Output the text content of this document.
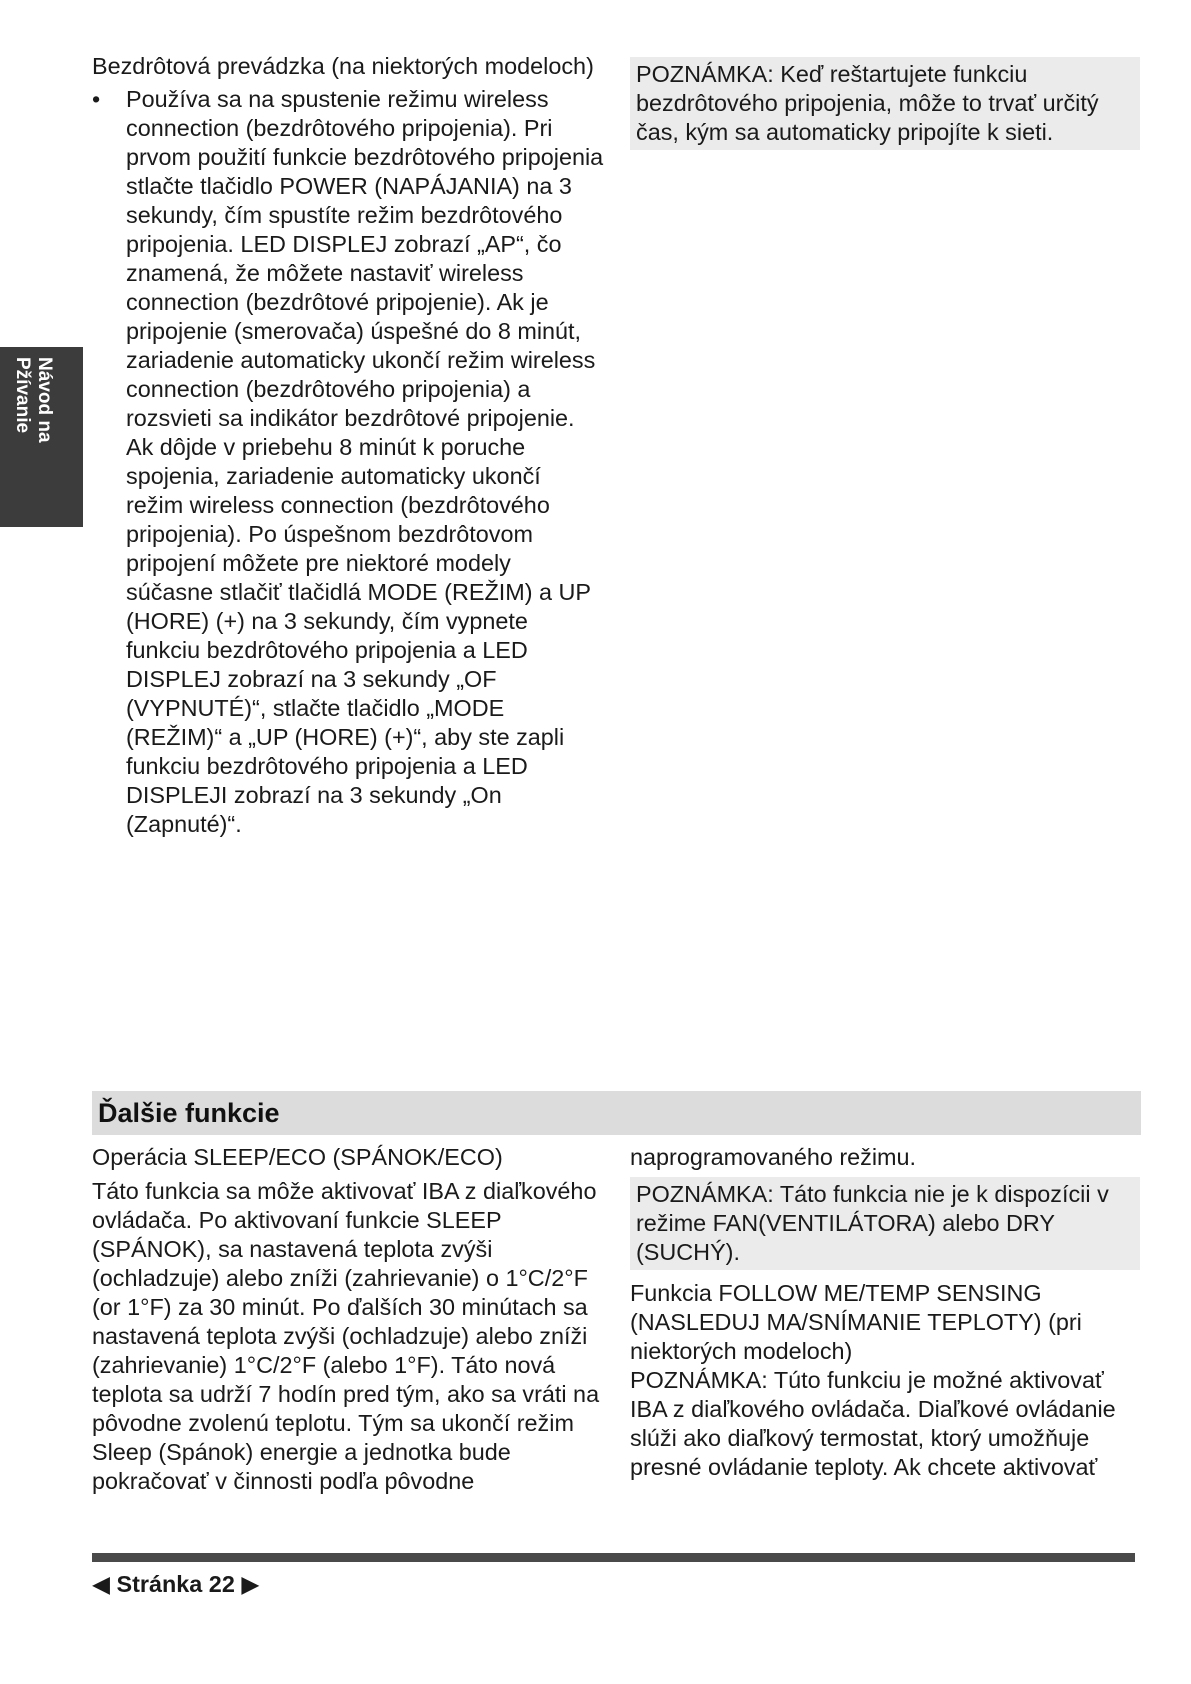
Návod na
Pžívanie

Bezdrôtová prevádzka (na niektorých modeloch)

• Používa sa na spustenie režimu wireless connection (bezdrôtového pripojenia). Pri prvom použití funkcie bezdrôtového pripojenia stlačte tlačidlo POWER (NAPÁJANIA) na 3 sekundy, čím spustíte režim bezdrôtového pripojenia. LED DISPLEJ zobrazí „AP“, čo znamená, že môžete nastaviť wireless connection (bezdrôtové pripojenie). Ak je pripojenie (smerovača) úspešné do 8 minút, zariadenie automaticky ukončí režim wireless connection (bezdrôtového pripojenia) a rozsvieti sa indikátor bezdrôtové pripojenie. Ak dôjde v priebehu 8 minút k poruche spojenia, zariadenie automaticky ukončí režim wireless connection (bezdrôtového pripojenia). Po úspešnom bezdrôtovom pripojení môžete pre niektoré modely súčasne stlačiť tlačidlá MODE (REŽIM) a UP (HORE) (+) na 3 sekundy, čím vypnete funkciu bezdrôtového pripojenia a LED DISPLEJ zobrazí na 3 sekundy „OF (VYPNUTÉ)“, stlačte tlačidlo „MODE (REŽIM)“ a „UP (HORE) (+)“, aby ste zapli funkciu bezdrôtového pripojenia a LED DISPLEJI zobrazí na 3 sekundy „On (Zapnuté)“.

POZNÁMKA: Keď reštartujete funkciu bezdrôtového pripojenia, môže to trvať určitý čas, kým sa automaticky pripojíte k sieti.

Ďalšie funkcie

Operácia SLEEP/ECO (SPÁNOK/ECO)

Táto funkcia sa môže aktivovať IBA z diaľkového ovládača. Po aktivovaní funkcie SLEEP (SPÁNOK), sa nastavená teplota zvýši (ochladzuje) alebo zníži (zahrievanie) o 1°C/2°F (or 1°F) za 30 minút. Po ďalších 30 minútach sa nastavená teplota zvýši (ochladzuje) alebo zníži (zahrievanie) 1°C/2°F (alebo 1°F). Táto nová teplota sa udrží 7 hodín pred tým, ako sa vráti na pôvodne zvolenú teplotu. Tým sa ukončí režim Sleep (Spánok) energie a jednotka bude pokračovať v činnosti podľa pôvodne

naprogramovaného režimu.

POZNÁMKA: Táto funkcia nie je k dispozícii v režime FAN(VENTILÁTORA) alebo DRY (SUCHÝ).

Funkcia FOLLOW ME/TEMP SENSING (NASLEDUJ MA/SNÍMANIE TEPLOTY) (pri niektorých modeloch)

POZNÁMKA: Túto funkciu je možné aktivovať IBA z diaľkového ovládača. Diaľkové ovládanie slúži ako diaľkový termostat, ktorý umožňuje presné ovládanie teploty. Ak chcete aktivovať

◀ Stránka 22 ▶
